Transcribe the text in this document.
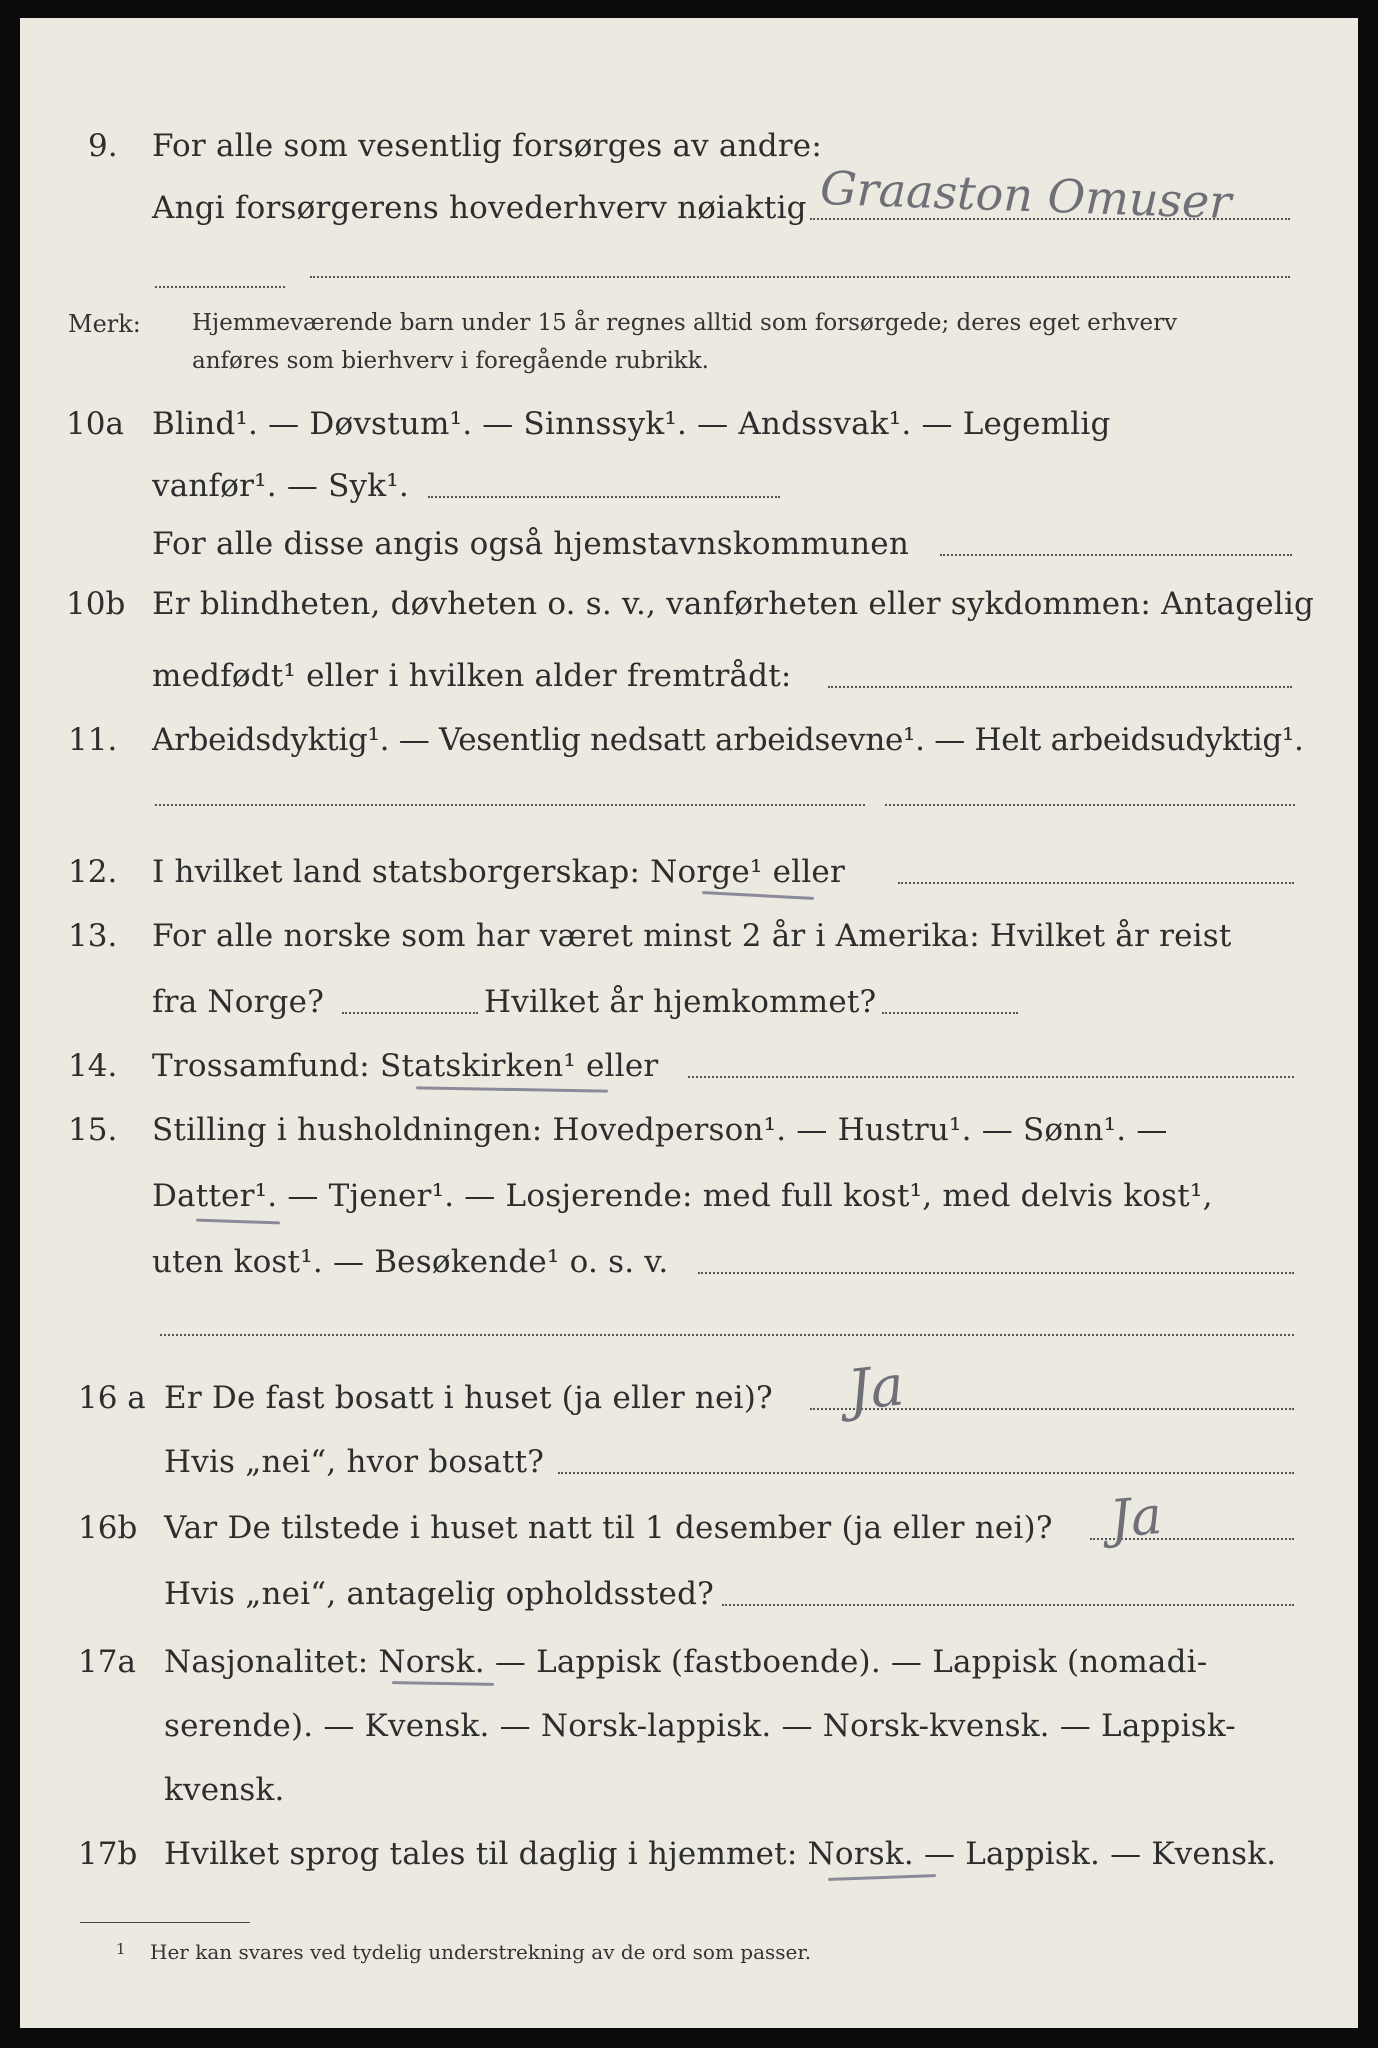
9. For alle som vesentlig forsørges av andre:
Angi forsørgerens hovederhverv nøiaktig Graaston Omuser
Merk: Hjemmeværende barn under 15 år regnes alltid som forsørgede; deres eget erhverv
anføres som bierhverv i foregående rubrikk.
10a Blind¹. — Døvstum¹. — Sinnssyk¹. — Andssvak¹. — Legemlig
vanfør¹. — Syk¹.
For alle disse angis også hjemstavnskommunen
10b Er blindheten, døvheten o. s. v., vanførheten eller sykdommen: Antagelig
medfødt¹ eller i hvilken alder fremtrådt:
11. Arbeidsdyktig¹. — Vesentlig nedsatt arbeidsevne¹. — Helt arbeidsudyktig¹.
12. I hvilket land statsborgerskap: Norge¹ eller
13. For alle norske som har været minst 2 år i Amerika: Hvilket år reist
fra Norge?	Hvilket år hjemkommet?
14. Trossamfund: Statskirken¹ eller
15. Stilling i husholdningen: Hovedperson¹. — Hustru¹. — Sønn¹. —
Datter¹. — Tjener¹. — Losjerende: med full kost¹, med delvis kost¹,
uten kost¹. — Besøkende¹ o. s. v.
16 a Er De fast bosatt i huset (ja eller nei)? Ja
Hvis „nei“, hvor bosatt?
16b Var De tilstede i huset natt til 1 desember (ja eller nei)? Ja
Hvis „nei“, antagelig opholdssted?
17a Nasjonalitet: Norsk. — Lappisk (fastboende). — Lappisk (nomadi-
serende). — Kvensk. — Norsk-lappisk. — Norsk-kvensk. — Lappisk-
kvensk.
17b Hvilket sprog tales til daglig i hjemmet: Norsk. — Lappisk. — Kvensk.
1 Her kan svares ved tydelig understrekning av de ord som passer.
